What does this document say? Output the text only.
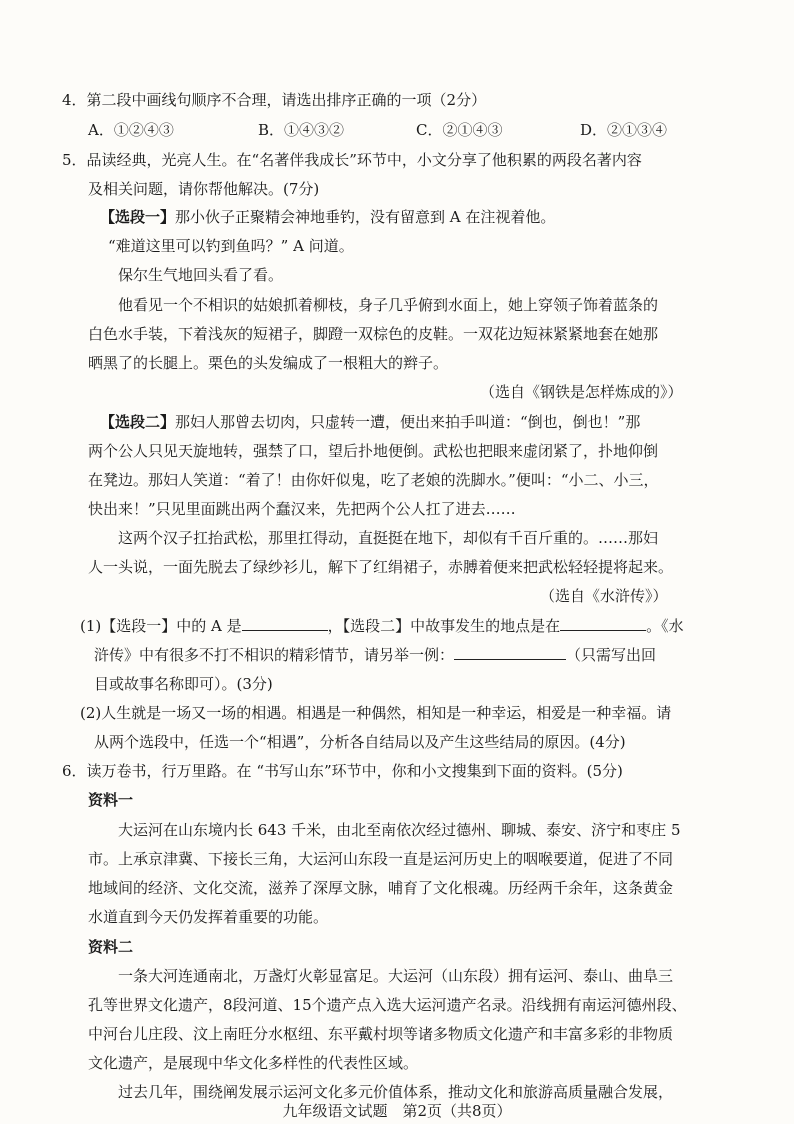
4．第二段中画线句顺序不合理，请选出排序正确的一项（2分）
A．①②④③	B．①④③②	C．②①④③	D．②①③④
5．品读经典，光亮人生。在“名著伴我成长”环节中，小文分享了他积累的两段名著内容
及相关问题，请你帮他解决。(7分)
【选段一】那小伙子正聚精会神地垂钓，没有留意到 A 在注视着他。
“难道这里可以钓到鱼吗？” A 问道。
保尔生气地回头看了看。
他看见一个不相识的姑娘抓着柳枝，身子几乎俯到水面上，她上穿领子饰着蓝条的
白色水手装，下着浅灰的短裙子，脚蹬一双棕色的皮鞋。一双花边短袜紧紧地套在她那
晒黑了的长腿上。栗色的头发编成了一根粗大的辫子。
（选自《钢铁是怎样炼成的》）
【选段二】那妇人那曾去切肉，只虚转一遭，便出来拍手叫道：“倒也，倒也！”那
两个公人只见天旋地转，强禁了口，望后扑地便倒。武松也把眼来虚闭紧了，扑地仰倒
在凳边。那妇人笑道：“着了！由你奸似鬼，吃了老娘的洗脚水。”便叫：“小二、小三，
快出来！”只见里面跳出两个蠢汉来，先把两个公人扛了进去……
这两个汉子扛抬武松，那里扛得动，直挺挺在地下，却似有千百斤重的。……那妇
人一头说，一面先脱去了绿纱衫儿，解下了红绢裙子，赤膊着便来把武松轻轻提将起来。
（选自《水浒传》）
(1)【选段一】中的 A 是	，【选段二】中故事发生的地点是在	。《水
浒传》中有很多不打不相识的精彩情节，请另举一例：	（只需写出回
目或故事名称即可）。(3分)
(2)人生就是一场又一场的相遇。相遇是一种偶然，相知是一种幸运，相爱是一种幸福。请
从两个选段中，任选一个“相遇”，分析各自结局以及产生这些结局的原因。(4分)
6．读万卷书，行万里路。在 “书写山东”环节中，你和小文搜集到下面的资料。(5分)
资料一
大运河在山东境内长 643 千米，由北至南依次经过德州、聊城、泰安、济宁和枣庄 5
市。上承京津冀、下接长三角，大运河山东段一直是运河历史上的咽喉要道，促进了不同
地域间的经济、文化交流，滋养了深厚文脉，哺育了文化根魂。历经两千余年，这条黄金
水道直到今天仍发挥着重要的功能。
资料二
一条大河连通南北，万盏灯火彰显富足。大运河（山东段）拥有运河、泰山、曲阜三
孔等世界文化遗产，8段河道、15个遗产点入选大运河遗产名录。沿线拥有南运河德州段、
中河台儿庄段、汶上南旺分水枢纽、东平戴村坝等诸多物质文化遗产和丰富多彩的非物质
文化遗产，是展现中华文化多样性的代表性区域。
过去几年，围绕阐发展示运河文化多元价值体系，推动文化和旅游高质量融合发展，
九年级语文试题　第2页（共8页）
